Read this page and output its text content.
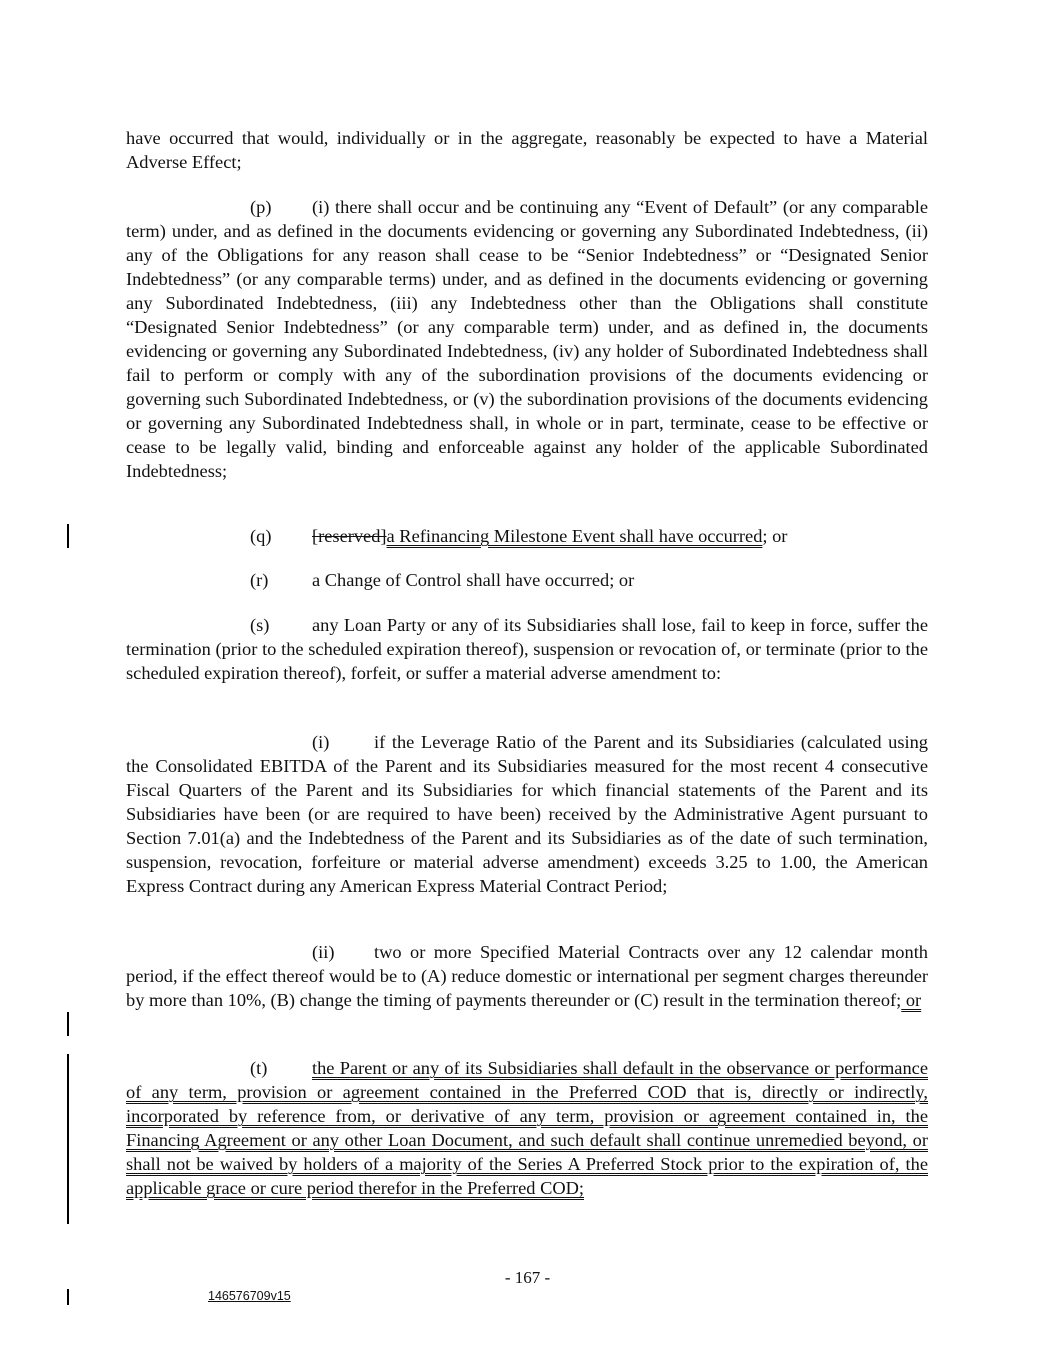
have occurred that would, individually or in the aggregate, reasonably be expected to have a Material Adverse Effect;

(p) (i) there shall occur and be continuing any “Event of Default” (or any comparable term) under, and as defined in the documents evidencing or governing any Subordinated Indebtedness, (ii) any of the Obligations for any reason shall cease to be “Senior Indebtedness” or “Designated Senior Indebtedness” (or any comparable terms) under, and as defined in the documents evidencing or governing any Subordinated Indebtedness, (iii) any Indebtedness other than the Obligations shall constitute “Designated Senior Indebtedness” (or any comparable term) under, and as defined in, the documents evidencing or governing any Subordinated Indebtedness, (iv) any holder of Subordinated Indebtedness shall fail to perform or comply with any of the subordination provisions of the documents evidencing or governing such Subordinated Indebtedness, or (v) the subordination provisions of the documents evidencing or governing any Subordinated Indebtedness shall, in whole or in part, terminate, cease to be effective or cease to be legally valid, binding and enforceable against any holder of the applicable Subordinated Indebtedness;

(q) [reserved]a Refinancing Milestone Event shall have occurred; or

(r) a Change of Control shall have occurred; or

(s) any Loan Party or any of its Subsidiaries shall lose, fail to keep in force, suffer the termination (prior to the scheduled expiration thereof), suspension or revocation of, or terminate (prior to the scheduled expiration thereof), forfeit, or suffer a material adverse amendment to:

(i) if the Leverage Ratio of the Parent and its Subsidiaries (calculated using the Consolidated EBITDA of the Parent and its Subsidiaries measured for the most recent 4 consecutive Fiscal Quarters of the Parent and its Subsidiaries for which financial statements of the Parent and its Subsidiaries have been (or are required to have been) received by the Administrative Agent pursuant to Section 7.01(a) and the Indebtedness of the Parent and its Subsidiaries as of the date of such termination, suspension, revocation, forfeiture or material adverse amendment) exceeds 3.25 to 1.00, the American Express Contract during any American Express Material Contract Period;

(ii) two or more Specified Material Contracts over any 12 calendar month period, if the effect thereof would be to (A) reduce domestic or international per segment charges thereunder by more than 10%, (B) change the timing of payments thereunder or (C) result in the termination thereof; or

(t) the Parent or any of its Subsidiaries shall default in the observance or performance of any term, provision or agreement contained in the Preferred COD that is, directly or indirectly, incorporated by reference from, or derivative of any term, provision or agreement contained in, the Financing Agreement or any other Loan Document, and such default shall continue unremedied beyond, or shall not be waived by holders of a majority of the Series A Preferred Stock prior to the expiration of, the applicable grace or cure period therefor in the Preferred COD;

- 167 -
146576709v15
